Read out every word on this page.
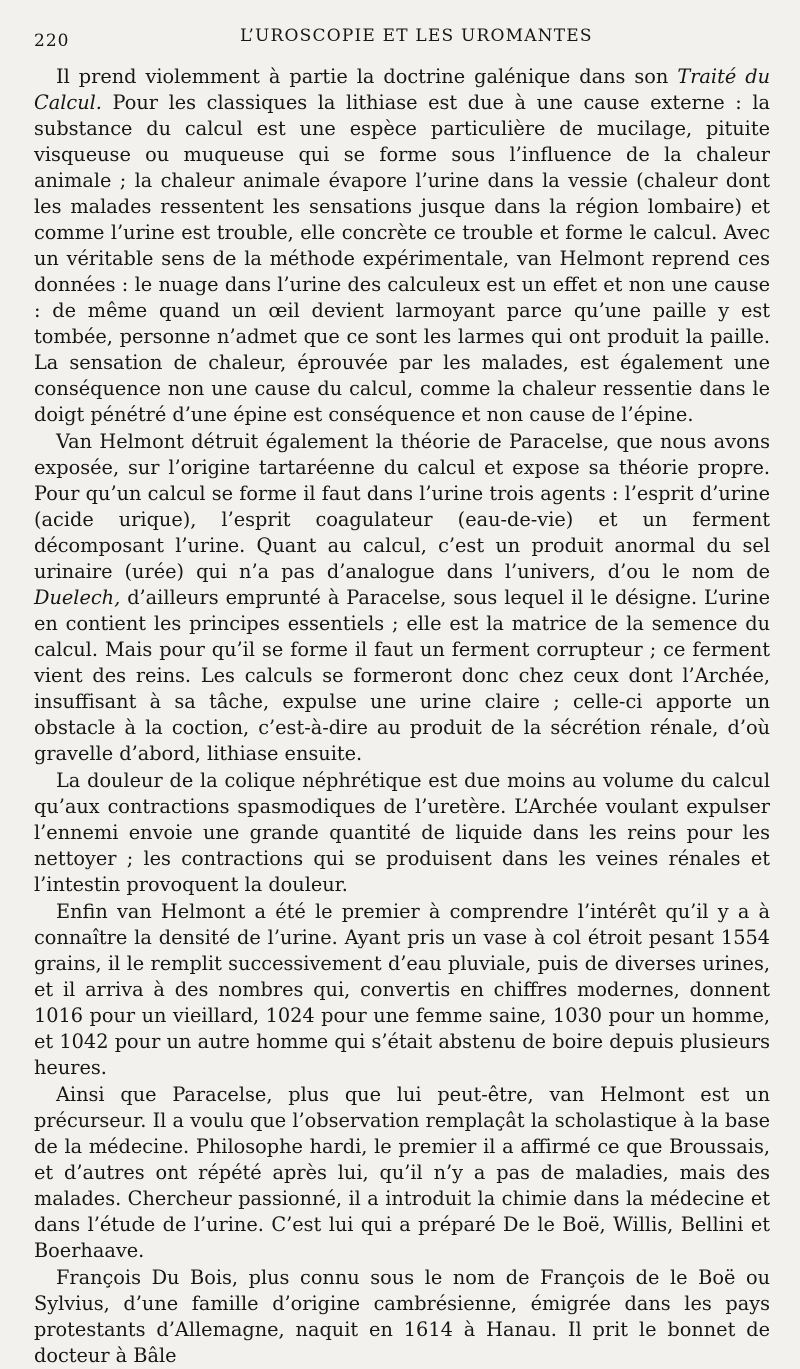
220	L’UROSCOPIE ET LES UROMANTES

Il prend violemment à partie la doctrine galénique dans son Traité du Calcul. Pour les classiques la lithiase est due à une cause externe : la substance du calcul est une espèce particulière de mucilage, pituite visqueuse ou muqueuse qui se forme sous l’influence de la chaleur animale ; la chaleur animale évapore l’urine dans la vessie (chaleur dont les malades ressentent les sensations jusque dans la région lombaire) et comme l’urine est trouble, elle concrète ce trouble et forme le calcul. Avec un véritable sens de la méthode expérimentale, van Helmont reprend ces données : le nuage dans l’urine des calculeux est un effet et non une cause : de même quand un œil devient larmoyant parce qu’une paille y est tombée, personne n’admet que ce sont les larmes qui ont produit la paille. La sensation de chaleur, éprouvée par les malades, est également une conséquence non une cause du calcul, comme la chaleur ressentie dans le doigt pénétré d’une épine est conséquence et non cause de l’épine.

Van Helmont détruit également la théorie de Paracelse, que nous avons exposée, sur l’origine tartaréenne du calcul et expose sa théorie propre. Pour qu’un calcul se forme il faut dans l’urine trois agents : l’esprit d’urine (acide urique), l’esprit coagulateur (eau-de-vie) et un ferment décomposant l’urine. Quant au calcul, c’est un produit anormal du sel urinaire (urée) qui n’a pas d’analogue dans l’univers, d’ou le nom de Duelech, d’ailleurs emprunté à Paracelse, sous lequel il le désigne. L’urine en contient les principes essentiels ; elle est la matrice de la semence du calcul. Mais pour qu’il se forme il faut un ferment corrupteur ; ce ferment vient des reins. Les calculs se formeront donc chez ceux dont l’Archée, insuffisant à sa tâche, expulse une urine claire ; celle-ci apporte un obstacle à la coction, c’est-à-dire au produit de la sécrétion rénale, d’où gravelle d’abord, lithiase ensuite.

La douleur de la colique néphrétique est due moins au volume du calcul qu’aux contractions spasmodiques de l’uretère. L’Archée voulant expulser l’ennemi envoie une grande quantité de liquide dans les reins pour les nettoyer ; les contractions qui se produisent dans les veines rénales et l’intestin provoquent la douleur.

Enfin van Helmont a été le premier à comprendre l’intérêt qu’il y a à connaître la densité de l’urine. Ayant pris un vase à col étroit pesant 1554 grains, il le remplit successivement d’eau pluviale, puis de diverses urines, et il arriva à des nombres qui, convertis en chiffres modernes, donnent 1016 pour un vieillard, 1024 pour une femme saine, 1030 pour un homme, et 1042 pour un autre homme qui s’était abstenu de boire depuis plusieurs heures.

Ainsi que Paracelse, plus que lui peut-être, van Helmont est un précurseur. Il a voulu que l’observation remplaçât la scholastique à la base de la médecine. Philosophe hardi, le premier il a affirmé ce que Broussais, et d’autres ont répété après lui, qu’il n’y a pas de maladies, mais des malades. Chercheur passionné, il a introduit la chimie dans la médecine et dans l’étude de l’urine. C’est lui qui a préparé De le Boë, Willis, Bellini et Boerhaave.

François Du Bois, plus connu sous le nom de François de le Boë ou Sylvius, d’une famille d’origine cambrésienne, émigrée dans les pays protestants d’Allemagne, naquit en 1614 à Hanau. Il prit le bonnet de docteur à Bâle
